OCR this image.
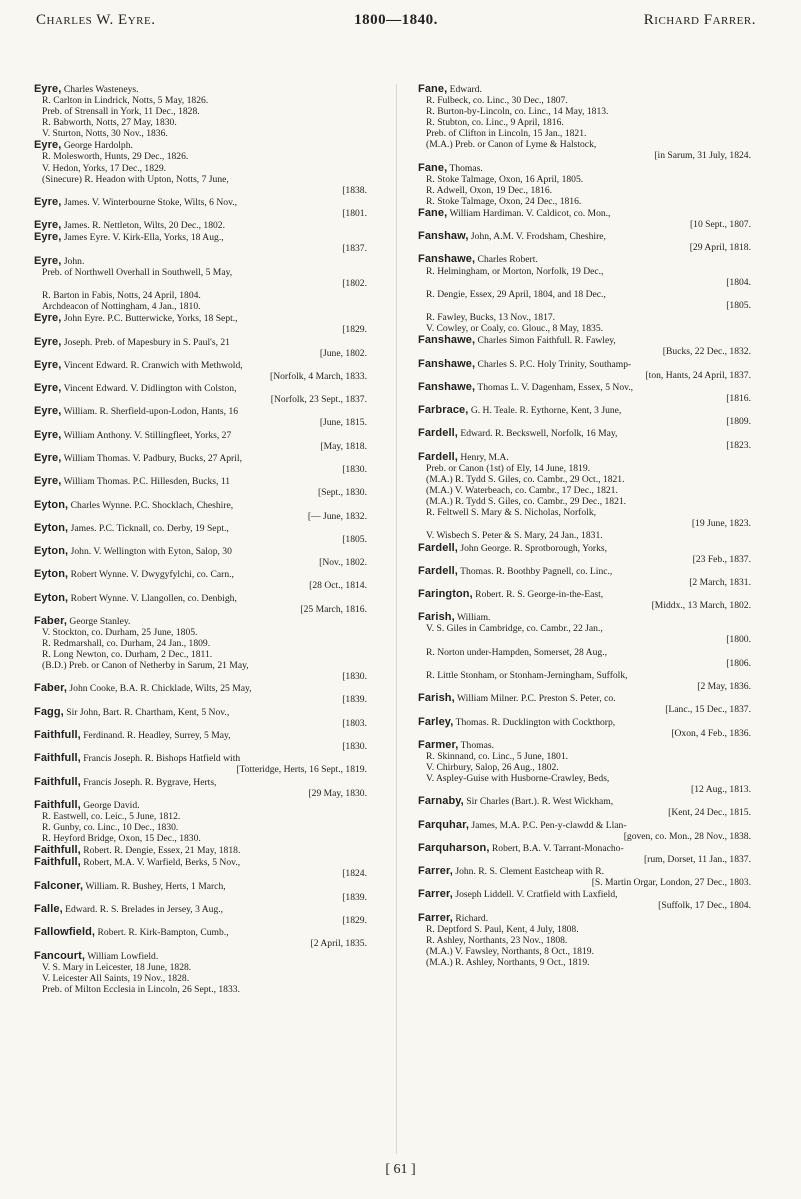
Charles W. Eyre.	1800—1840.	Richard Farrer.
Eyre, Charles Wasteneys.
R. Carlton in Lindrick, Notts, 5 May, 1826.
Preb. of Strensall in York, 11 Dec., 1828.
R. Babworth, Notts, 27 May, 1830.
V. Sturton, Notts, 30 Nov., 1836.
Eyre, George Hardolph.
R. Molesworth, Hunts, 29 Dec., 1826.
V. Hedon, Yorks, 17 Dec., 1829.
(Sinecure) R. Headon with Upton, Notts, 7 June,
[1838.
Eyre, James. V. Winterbourne Stoke, Wilts, 6 Nov.,
[1801.
Eyre, James. R. Nettleton, Wilts, 20 Dec., 1802.
Eyre, James Eyre. V. Kirk-Ella, Yorks, 18 Aug.,
[1837.
Eyre, John.
Preb. of Northwell Overhall in Southwell, 5 May,
[1802.
R. Barton in Fabis, Notts, 24 April, 1804.
Archdeacon of Nottingham, 4 Jan., 1810.
Eyre, John Eyre. P.C. Butterwicke, Yorks, 18 Sept.,
[1829.
Eyre, Joseph. Preb. of Mapesbury in S. Paul's, 21
[June, 1802.
Eyre, Vincent Edward. R. Cranwich with Methwold,
[Norfolk, 4 March, 1833.
Eyre, Vincent Edward. V. Didlington with Colston,
[Norfolk, 23 Sept., 1837.
Eyre, William. R. Sherfield-upon-Lodon, Hants, 16
[June, 1815.
Eyre, William Anthony. V. Stillingfleet, Yorks, 27
[May, 1818.
Eyre, William Thomas. V. Padbury, Bucks, 27 April,
[1830.
Eyre, William Thomas. P.C. Hillesden, Bucks, 11
[Sept., 1830.
Eyton, Charles Wynne. P.C. Shocklach, Cheshire,
[— June, 1832.
Eyton, James. P.C. Ticknall, co. Derby, 19 Sept.,
[1805.
Eyton, John. V. Wellington with Eyton, Salop, 30
[Nov., 1802.
Eyton, Robert Wynne. V. Dwygyfylchi, co. Carn.,
[28 Oct., 1814.
Eyton, Robert Wynne. V. Llangollen, co. Denbigh,
[25 March, 1816.
Faber, George Stanley.
V. Stockton, co. Durham, 25 June, 1805.
R. Redmarshall, co. Durham, 24 Jan., 1809.
R. Long Newton, co. Durham, 2 Dec., 1811.
(B.D.) Preb. or Canon of Netherby in Sarum, 21 May,
[1830.
Faber, John Cooke, B.A. R. Chicklade, Wilts, 25 May,
[1839.
Fagg, Sir John, Bart. R. Chartham, Kent, 5 Nov.,
[1803.
Faithfull, Ferdinand. R. Headley, Surrey, 5 May,
[1830.
Faithfull, Francis Joseph. R. Bishops Hatfield with
[Totteridge, Herts, 16 Sept., 1819.
Faithfull, Francis Joseph. R. Bygrave, Herts,
[29 May, 1830.
Faithfull, George David.
R. Eastwell, co. Leic., 5 June, 1812.
R. Gunby, co. Linc., 10 Dec., 1830.
R. Heyford Bridge, Oxon, 15 Dec., 1830.
Faithfull, Robert. R. Dengie, Essex, 21 May, 1818.
Faithfull, Robert, M.A. V. Warfield, Berks, 5 Nov.,
[1824.
Falconer, William. R. Bushey, Herts, 1 March,
[1839.
Falle, Edward. R. S. Brelades in Jersey, 3 Aug.,
[1829.
Fallowfield, Robert. R. Kirk-Bampton, Cumb.,
[2 April, 1835.
Fancourt, William Lowfield.
V. S. Mary in Leicester, 18 June, 1828.
V. Leicester All Saints, 19 Nov., 1828.
Preb. of Milton Ecclesia in Lincoln, 26 Sept., 1833.
Fane, Edward.
R. Fulbeck, co. Linc., 30 Dec., 1807.
R. Burton-by-Lincoln, co. Linc., 14 May, 1813.
R. Stubton, co. Linc., 9 April, 1816.
Preb. of Clifton in Lincoln, 15 Jan., 1821.
(M.A.) Preb. or Canon of Lyme & Halstock,
[in Sarum, 31 July, 1824.
Fane, Thomas.
R. Stoke Talmage, Oxon, 16 April, 1805.
R. Adwell, Oxon, 19 Dec., 1816.
R. Stoke Talmage, Oxon, 24 Dec., 1816.
Fane, William Hardiman. V. Caldicot, co. Mon.,
[10 Sept., 1807.
Fanshaw, John, A.M. V. Frodsham, Cheshire,
[29 April, 1818.
Fanshawe, Charles Robert.
R. Helmingham, or Morton, Norfolk, 19 Dec.,
[1804.
R. Dengie, Essex, 29 April, 1804, and 18 Dec.,
[1805.
R. Fawley, Bucks, 13 Nov., 1817.
V. Cowley, or Coaly, co. Glouc., 8 May, 1835.
Fanshawe, Charles Simon Faithfull. R. Fawley,
[Bucks, 22 Dec., 1832.
Fanshawe, Charles S. P.C. Holy Trinity, Southamp-
[ton, Hants, 24 April, 1837.
Fanshawe, Thomas L. V. Dagenham, Essex, 5 Nov.,
[1816.
Farbrace, G. H. Teale. R. Eythorne, Kent, 3 June,
[1809.
Fardell, Edward. R. Beckswell, Norfolk, 16 May,
[1823.
Fardell, Henry, M.A.
Preb. or Canon (1st) of Ely, 14 June, 1819.
(M.A.) R. Tydd S. Giles, co. Cambr., 29 Oct., 1821.
(M.A.) V. Waterbeach, co. Cambr., 17 Dec., 1821.
(M.A.) R. Tydd S. Giles, co. Cambr., 29 Dec., 1821.
R. Feltwell S. Mary & S. Nicholas, Norfolk,
[19 June, 1823.
V. Wisbech S. Peter & S. Mary, 24 Jan., 1831.
Fardell, John George. R. Sprotborough, Yorks,
[23 Feb., 1837.
Fardell, Thomas. R. Boothby Pagnell, co. Linc.,
[2 March, 1831.
Farington, Robert. R. S. George-in-the-East,
[Middx., 13 March, 1802.
Farish, William.
V. S. Giles in Cambridge, co. Cambr., 22 Jan.,
[1800.
R. Norton under-Hampden, Somerset, 28 Aug.,
[1806.
R. Little Stonham, or Stonham-Jerningham, Suffolk,
[2 May, 1836.
Farish, William Milner. P.C. Preston S. Peter, co.
[Lanc., 15 Dec., 1837.
Farley, Thomas. R. Ducklington with Cockthorp,
[Oxon, 4 Feb., 1836.
Farmer, Thomas.
R. Skinnand, co. Linc., 5 June, 1801.
V. Chirbury, Salop, 26 Aug., 1802.
V. Aspley-Guise with Husborne-Crawley, Beds,
[12 Aug., 1813.
Farnaby, Sir Charles (Bart.). R. West Wickham,
[Kent, 24 Dec., 1815.
Farquhar, James, M.A. P.C. Pen-y-clawdd & Llan-
[goven, co. Mon., 28 Nov., 1838.
Farquharson, Robert, B.A. V. Tarrant-Monacho-
[rum, Dorset, 11 Jan., 1837.
Farrer, John. R. S. Clement Eastcheap with R.
[S. Martin Orgar, London, 27 Dec., 1803.
Farrer, Joseph Liddell. V. Cratfield with Laxfield,
[Suffolk, 17 Dec., 1804.
Farrer, Richard.
R. Deptford S. Paul, Kent, 4 July, 1808.
R. Ashley, Northants, 23 Nov., 1808.
(M.A.) V. Fawsley, Northants, 8 Oct., 1819.
(M.A.) R. Ashley, Northants, 9 Oct., 1819.
[ 61 ]
